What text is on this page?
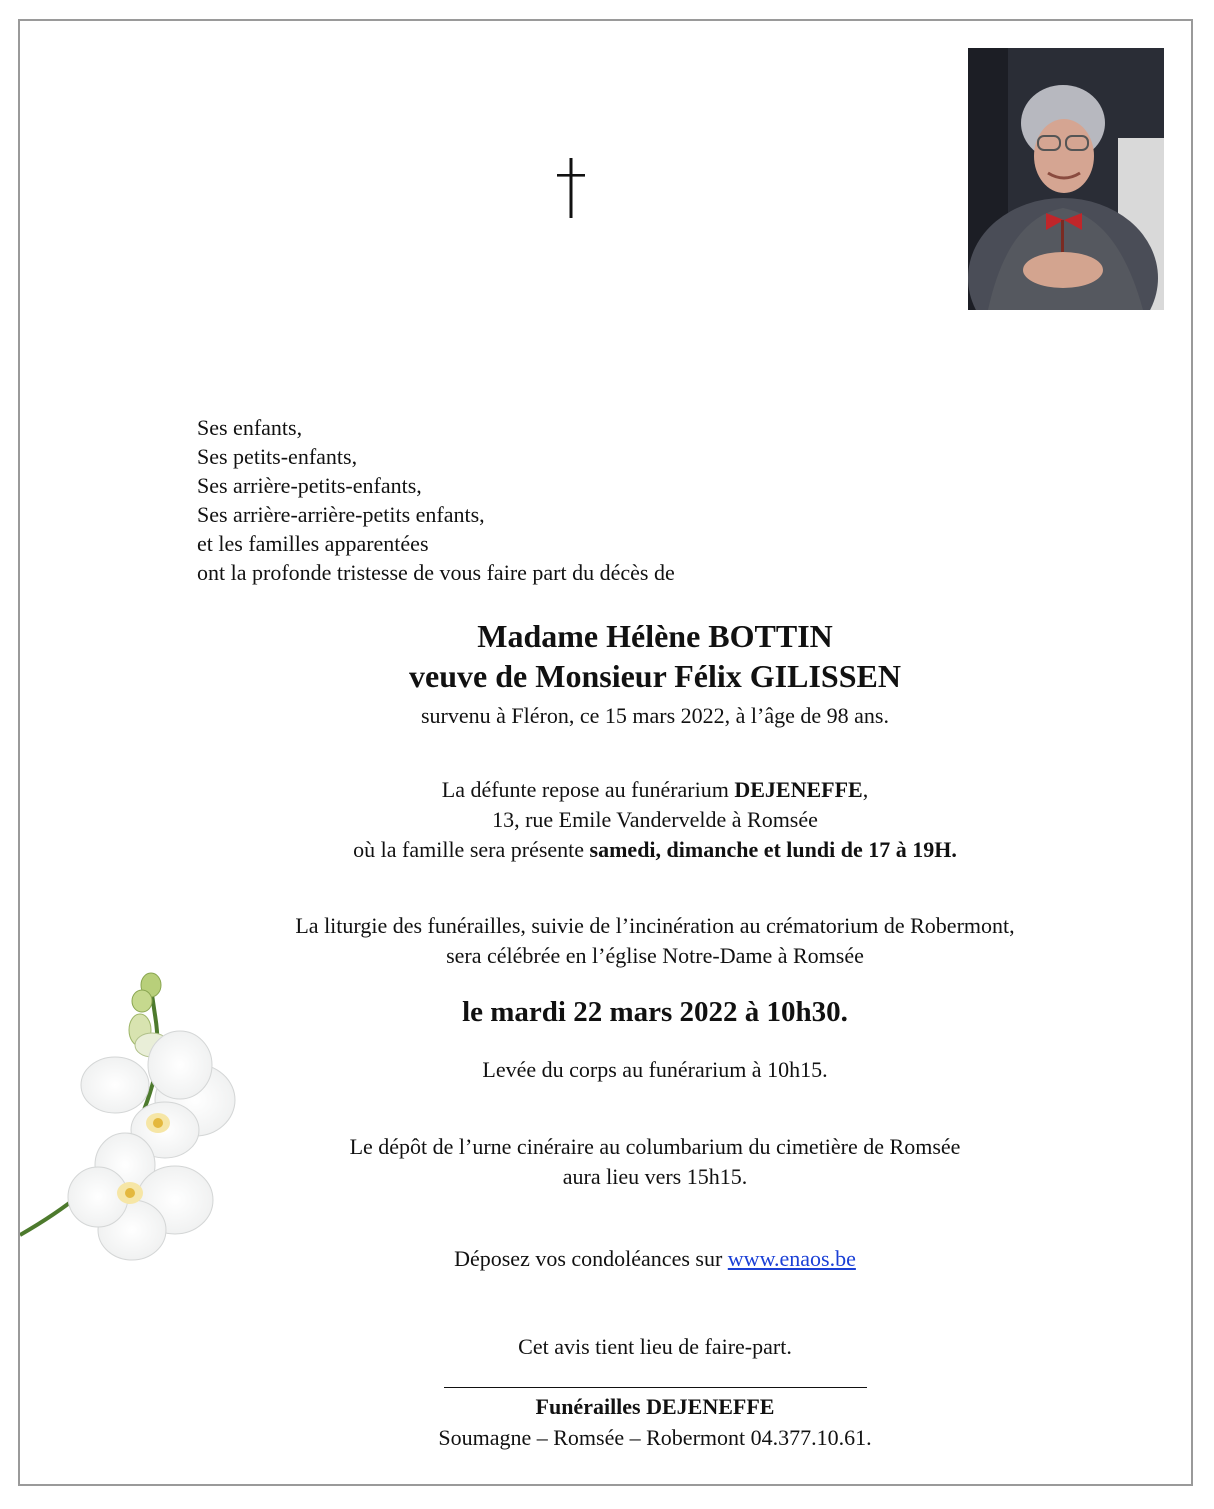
Ses enfants,
Ses petits-enfants,
Ses arrière-petits-enfants,
Ses arrière-arrière-petits enfants,
et les familles apparentées
ont la profonde tristesse de vous faire part du décès de
Madame Hélène BOTTIN
veuve de Monsieur Félix GILISSEN
survenu à Fléron, ce 15 mars 2022, à l’âge de 98 ans.
La défunte repose au funérarium DEJENEFFE,
13, rue Emile Vandervelde à Romsée
où la famille sera présente samedi, dimanche et lundi de 17 à 19H.
La liturgie des funérailles, suivie de l’incinération au crématorium de Robermont,
sera célébrée en l’église Notre-Dame à Romsée
le mardi 22 mars 2022 à 10h30.
Levée du corps au funérarium à 10h15.
Le dépôt de l’urne cinéraire au columbarium du cimetière de Romsée
aura lieu vers 15h15.
Déposez vos condoléances sur www.enaos.be
Cet avis tient lieu de faire-part.
Funérailles DEJENEFFE
Soumagne – Romsée – Robermont 04.377.10.61.
